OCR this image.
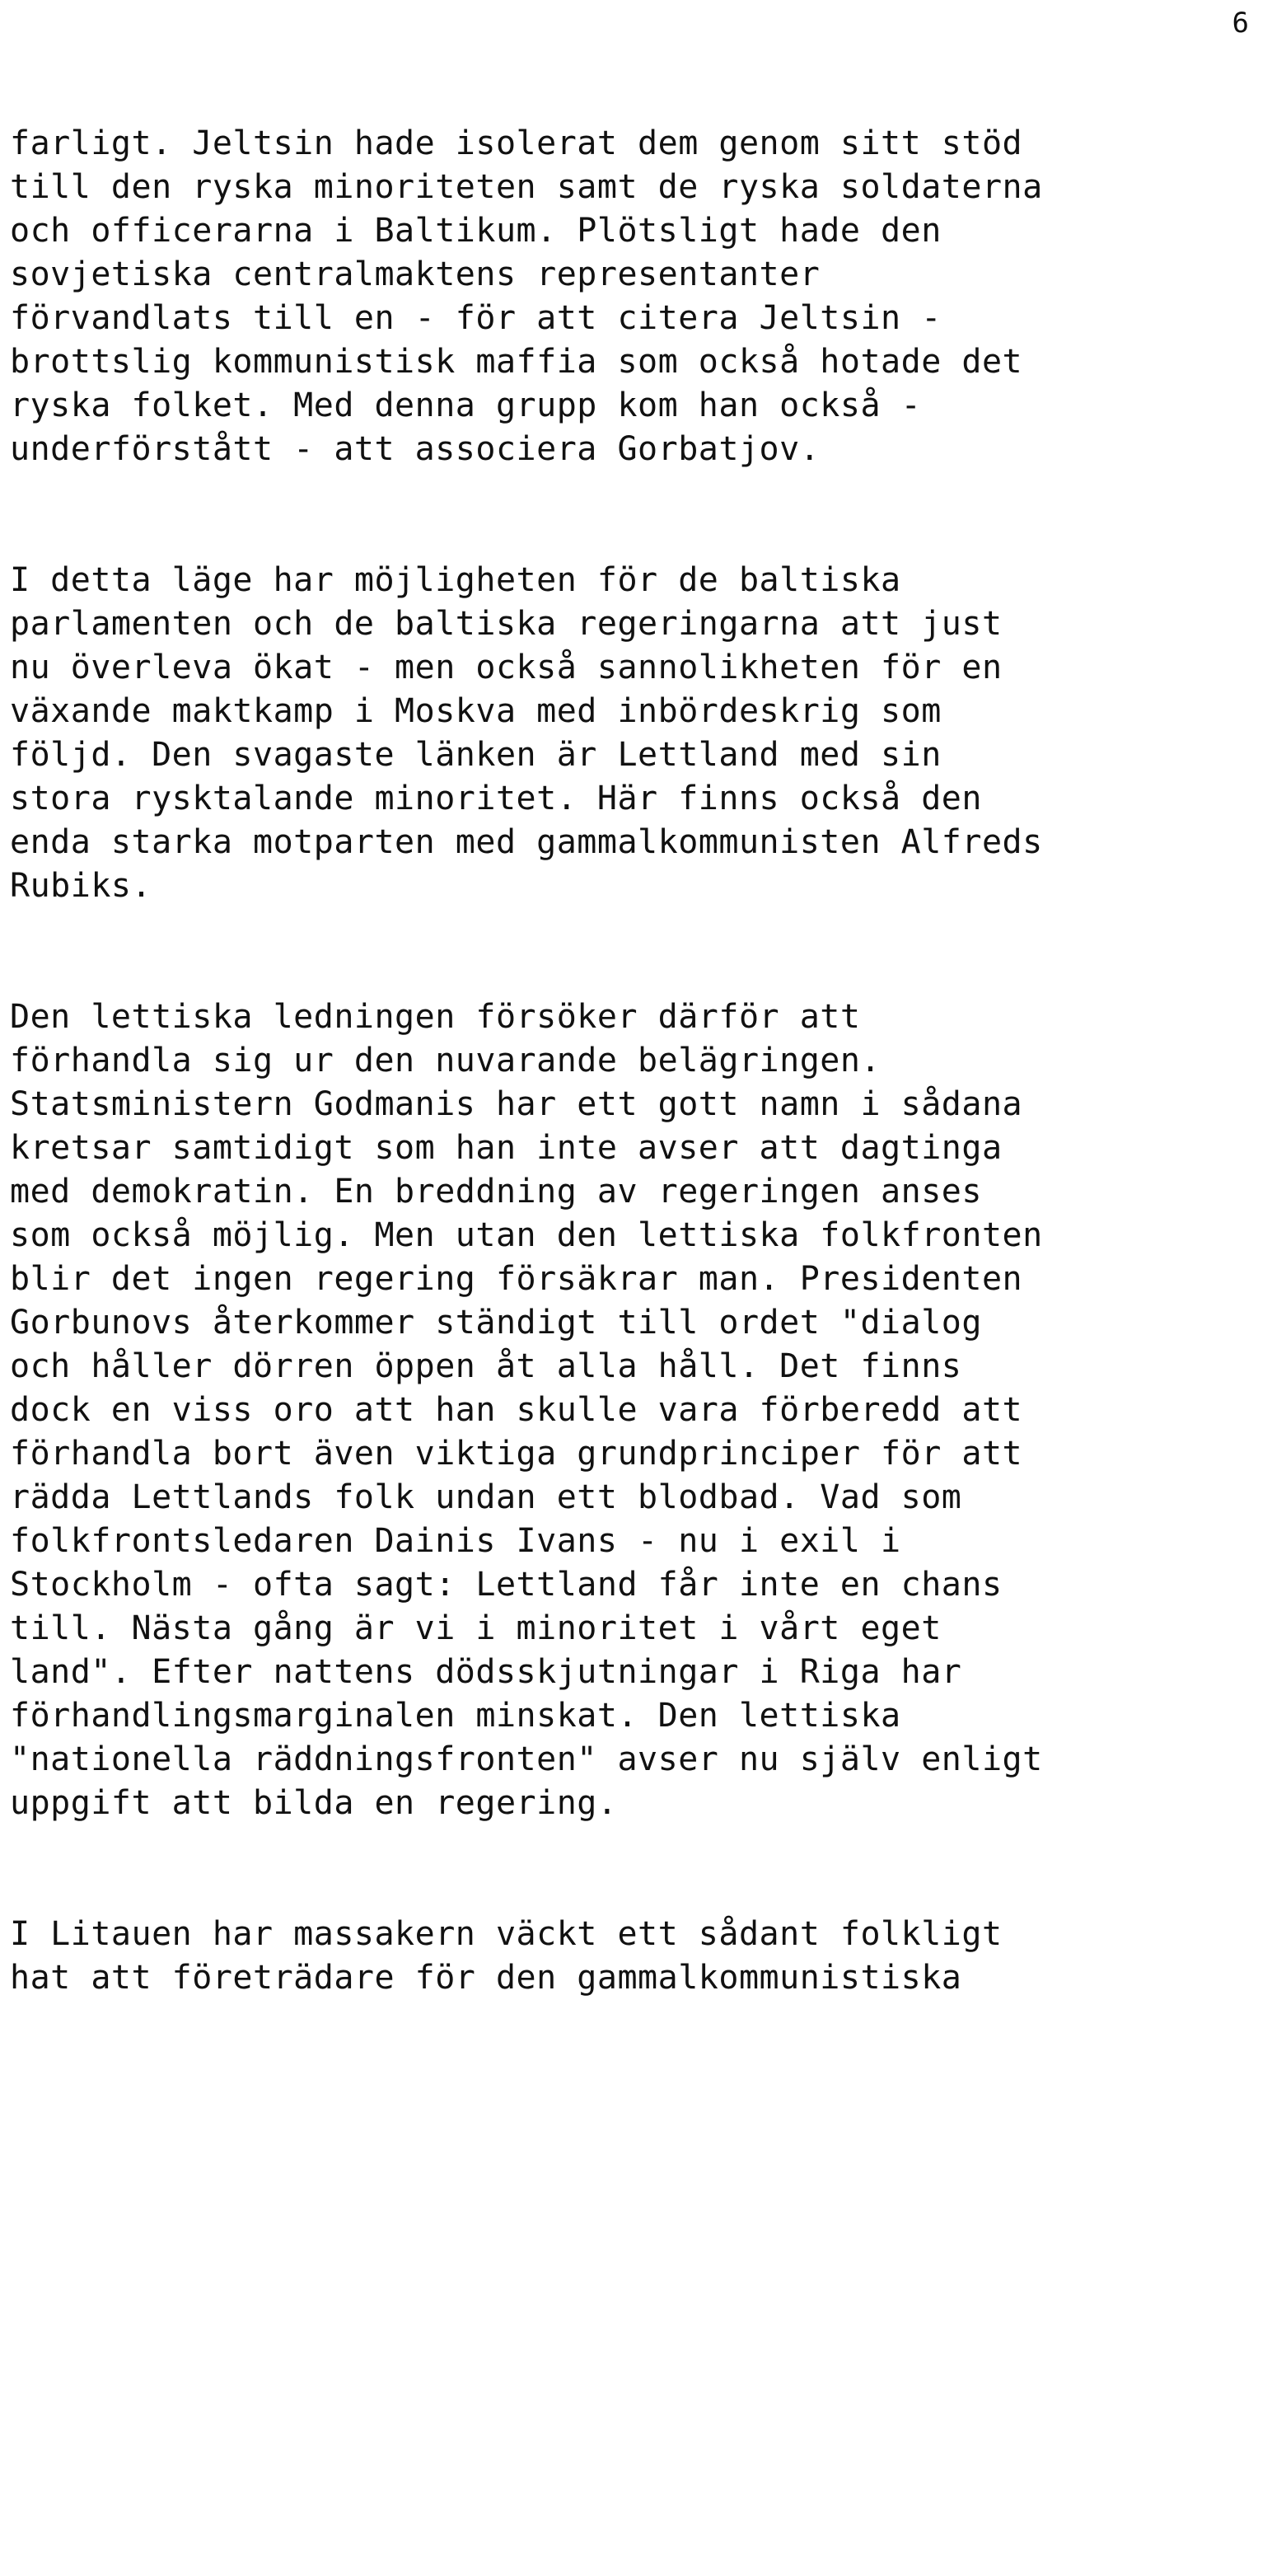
6
farligt. Jeltsin hade isolerat dem genom sitt stöd
till den ryska minoriteten samt de ryska soldaterna
och officerarna i Baltikum. Plötsligt hade den
sovjetiska centralmaktens representanter
förvandlats till en - för att citera Jeltsin -
brottslig kommunistisk maffia som också hotade det
ryska folket. Med denna grupp kom han också -
underförstått - att associera Gorbatjov.
I detta läge har möjligheten för de baltiska
parlamenten och de baltiska regeringarna att just
nu överleva ökat - men också sannolikheten för en
växande maktkamp i Moskva med inbördeskrig som
följd. Den svagaste länken är Lettland med sin
stora rysktalande minoritet. Här finns också den
enda starka motparten med gammalkommunisten Alfreds
Rubiks.
Den lettiska ledningen försöker därför att
förhandla sig ur den nuvarande belägringen.
Statsministern Godmanis har ett gott namn i sådana
kretsar samtidigt som han inte avser att dagtinga
med demokratin. En breddning av regeringen anses
som också möjlig. Men utan den lettiska folkfronten
blir det ingen regering försäkrar man. Presidenten
Gorbunovs återkommer ständigt till ordet "dialog
och håller dörren öppen åt alla håll. Det finns
dock en viss oro att han skulle vara förberedd att
förhandla bort även viktiga grundprinciper för att
rädda Lettlands folk undan ett blodbad. Vad som
folkfrontsledaren Dainis Ivans - nu i exil i
Stockholm - ofta sagt: Lettland får inte en chans
till. Nästa gång är vi i minoritet i vårt eget
land". Efter nattens dödsskjutningar i Riga har
förhandlingsmarginalen minskat. Den lettiska
"nationella räddningsfronten" avser nu själv enligt
uppgift att bilda en regering.
I Litauen har massakern väckt ett sådant folkligt
hat att företrädare för den gammalkommunistiska
